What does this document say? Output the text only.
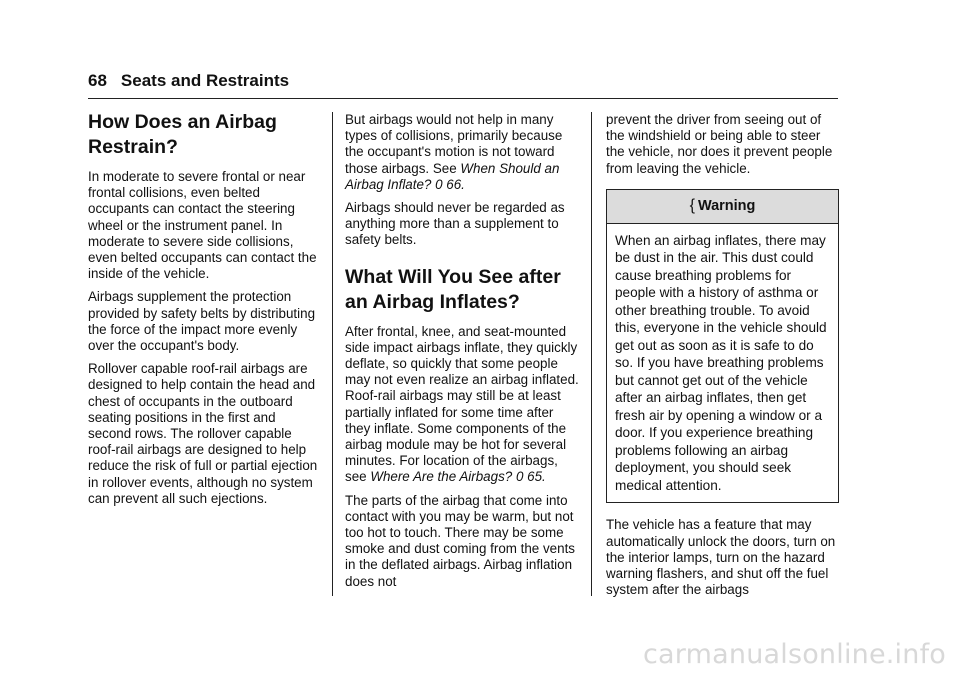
68 Seats and Restraints
How Does an Airbag Restrain?

In moderate to severe frontal or near frontal collisions, even belted occupants can contact the steering wheel or the instrument panel. In moderate to severe side collisions, even belted occupants can contact the inside of the vehicle.

Airbags supplement the protection provided by safety belts by distributing the force of the impact more evenly over the occupant's body.

Rollover capable roof-rail airbags are designed to help contain the head and chest of occupants in the outboard seating positions in the first and second rows. The rollover capable roof-rail airbags are designed to help reduce the risk of full or partial ejection in rollover events, although no system can prevent all such ejections.

But airbags would not help in many types of collisions, primarily because the occupant's motion is not toward those airbags. See When Should an Airbag Inflate? 0 66.

Airbags should never be regarded as anything more than a supplement to safety belts.

What Will You See after an Airbag Inflates?

After frontal, knee, and seat-mounted side impact airbags inflate, they quickly deflate, so quickly that some people may not even realize an airbag inflated. Roof-rail airbags may still be at least partially inflated for some time after they inflate. Some components of the airbag module may be hot for several minutes. For location of the airbags, see Where Are the Airbags? 0 65.

The parts of the airbag that come into contact with you may be warm, but not too hot to touch. There may be some smoke and dust coming from the vents in the deflated airbags. Airbag inflation does not

prevent the driver from seeing out of the windshield or being able to steer the vehicle, nor does it prevent people from leaving the vehicle.

{ Warning
When an airbag inflates, there may be dust in the air. This dust could cause breathing problems for people with a history of asthma or other breathing trouble. To avoid this, everyone in the vehicle should get out as soon as it is safe to do so. If you have breathing problems but cannot get out of the vehicle after an airbag inflates, then get fresh air by opening a window or a door. If you experience breathing problems following an airbag deployment, you should seek medical attention.

The vehicle has a feature that may automatically unlock the doors, turn on the interior lamps, turn on the hazard warning flashers, and shut off the fuel system after the airbags

carmanualsonline.info
